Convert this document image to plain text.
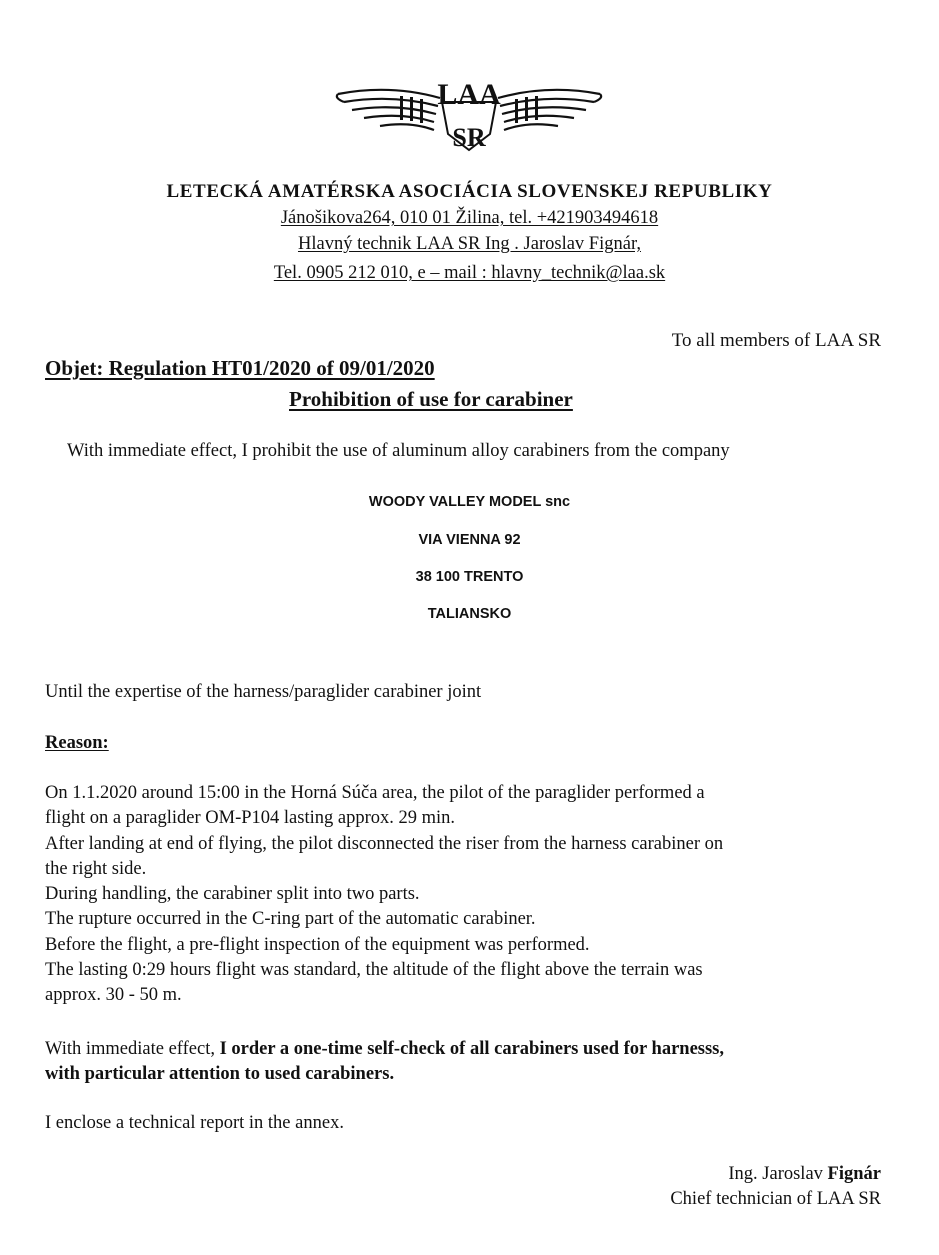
LAA
SR
LETECKÁ AMATÉRSKA ASOCIÁCIA SLOVENSKEJ REPUBLIKY
Jánošikova264, 010 01 Žilina, tel. +421903494618
Hlavný technik LAA SR Ing . Jaroslav Fignár,
Tel. 0905 212 010, e – mail : hlavny_technik@laa.sk
To all members of LAA SR
Objet: Regulation HT01/2020 of 09/01/2020
Prohibition of use for carabiner
With immediate effect, I prohibit the use of aluminum alloy carabiners from the company
WOODY VALLEY MODEL snc
VIA VIENNA 92
38 100 TRENTO
TALIANSKO
Until the expertise of the harness/paraglider carabiner joint
Reason:
On 1.1.2020 around 15:00 in the Horná Súča area, the pilot of the paraglider performed a
flight on a paraglider OM-P104 lasting approx. 29 min.
After landing at end of flying, the pilot disconnected the riser from the harness carabiner on
the right side.
During handling, the carabiner split into two parts.
The rupture occurred in the C-ring part of the automatic carabiner.
Before the flight, a pre-flight inspection of the equipment was performed.
The lasting 0:29 hours flight was standard, the altitude of the flight above the terrain was
approx. 30 - 50 m.
With immediate effect, I order a one-time self-check of all carabiners used for harnesss,
with particular attention to used carabiners.
I enclose a technical report in the annex.
Ing. Jaroslav Fignár
Chief technician of LAA SR
